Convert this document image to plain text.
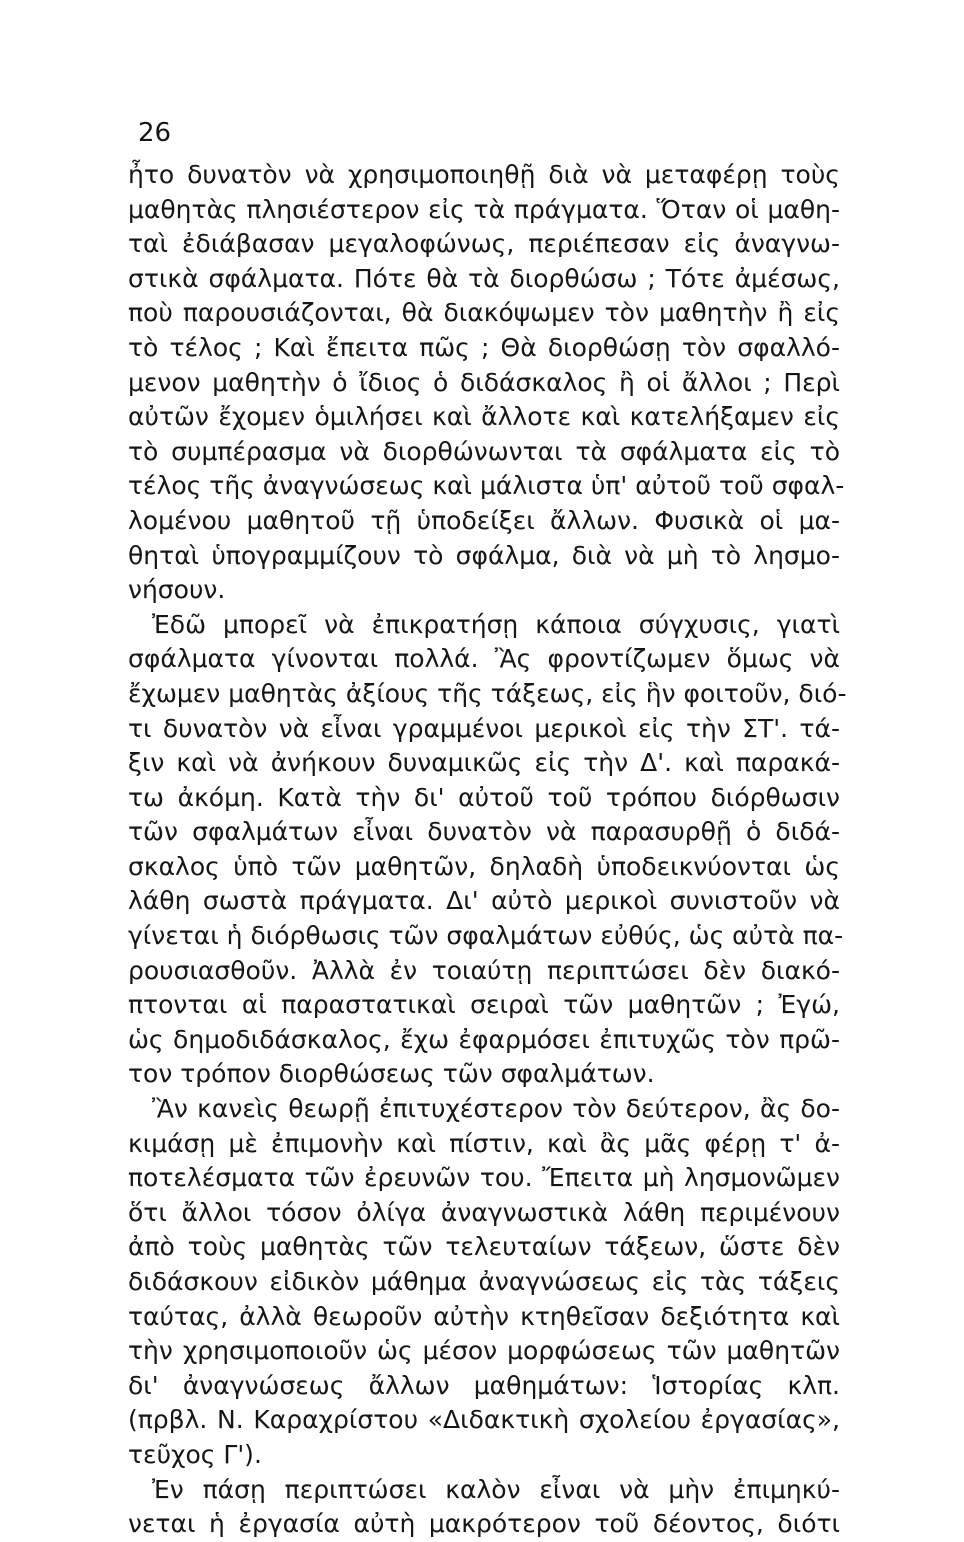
26

ἦτο δυνατὸν νὰ χρησιμοποιηθῇ διὰ νὰ μεταφέρῃ τοὺς
μαθητὰς πλησιέστερον εἰς τὰ πράγματα. Ὅταν οἱ μαθη-
ταὶ ἐδιάβασαν μεγαλοφώνως, περιέπεσαν εἰς ἀναγνω-
στικὰ σφάλματα. Πότε θὰ τὰ διορθώσω ; Τότε ἀμέσως,
ποὺ παρουσιάζονται, θὰ διακόψωμεν τὸν μαθητὴν ἢ εἰς
τὸ τέλος ; Καὶ ἔπειτα πῶς ; Θὰ διορθώσῃ τὸν σφαλλό-
μενον μαθητὴν ὁ ἴδιος ὁ διδάσκαλος ἢ οἱ ἄλλοι ; Περὶ
αὐτῶν ἔχομεν ὁμιλήσει καὶ ἄλλοτε καὶ κατελήξαμεν εἰς
τὸ συμπέρασμα νὰ διορθώνωνται τὰ σφάλματα εἰς τὸ
τέλος τῆς ἀναγνώσεως καὶ μάλιστα ὑπ' αὐτοῦ τοῦ σφαλ-
λομένου μαθητοῦ τῇ ὑποδείξει ἄλλων. Φυσικὰ οἱ μα-
θηταὶ ὑπογραμμίζουν τὸ σφάλμα, διὰ νὰ μὴ τὸ λησμο-
νήσουν.
Ἐδῶ μπορεῖ νὰ ἐπικρατήσῃ κάποια σύγχυσις, γιατὶ
σφάλματα γίνονται πολλά. Ἂς φροντίζωμεν ὅμως νὰ
ἔχωμεν μαθητὰς ἀξίους τῆς τάξεως, εἰς ἣν φοιτοῦν, διό-
τι δυνατὸν νὰ εἶναι γραμμένοι μερικοὶ εἰς τὴν ΣΤ'. τά-
ξιν καὶ νὰ ἀνήκουν δυναμικῶς εἰς τὴν Δ'. καὶ παρακά-
τω ἀκόμη. Κατὰ τὴν δι' αὐτοῦ τοῦ τρόπου διόρθωσιν
τῶν σφαλμάτων εἶναι δυνατὸν νὰ παρασυρθῇ ὁ διδά-
σκαλος ὑπὸ τῶν μαθητῶν, δηλαδὴ ὑποδεικνύονται ὡς
λάθη σωστὰ πράγματα. Δι' αὐτὸ μερικοὶ συνιστοῦν νὰ
γίνεται ἡ διόρθωσις τῶν σφαλμάτων εὐθύς, ὡς αὐτὰ πα-
ρουσιασθοῦν. Ἀλλὰ ἐν τοιαύτῃ περιπτώσει δὲν διακό-
πτονται αἱ παραστατικαὶ σειραὶ τῶν μαθητῶν ; Ἐγώ,
ὡς δημοδιδάσκαλος, ἔχω ἐφαρμόσει ἐπιτυχῶς τὸν πρῶ-
τον τρόπον διορθώσεως τῶν σφαλμάτων.
Ἂν κανεὶς θεωρῇ ἐπιτυχέστερον τὸν δεύτερον, ἂς δο-
κιμάσῃ μὲ ἐπιμονὴν καὶ πίστιν, καὶ ἂς μᾶς φέρῃ τ' ἀ-
ποτελέσματα τῶν ἐρευνῶν του. Ἔπειτα μὴ λησμονῶμεν
ὅτι ἄλλοι τόσον ὀλίγα ἀναγνωστικὰ λάθη περιμένουν
ἀπὸ τοὺς μαθητὰς τῶν τελευταίων τάξεων, ὥστε δὲν
διδάσκουν εἰδικὸν μάθημα ἀναγνώσεως εἰς τὰς τάξεις
ταύτας, ἀλλὰ θεωροῦν αὐτὴν κτηθεῖσαν δεξιότητα καὶ
τὴν χρησιμοποιοῦν ὡς μέσον μορφώσεως τῶν μαθητῶν
δι' ἀναγνώσεως ἄλλων μαθημάτων: Ἱστορίας κλπ.
(πρβλ. Ν. Καραχρίστου «Διδακτικὴ σχολείου ἐργασίας»,
τεῦχος Γ').
Ἐν πάσῃ περιπτώσει καλὸν εἶναι νὰ μὴν ἐπιμηκύ-
νεται ἡ ἐργασία αὐτὴ μακρότερον τοῦ δέοντος, διότι
